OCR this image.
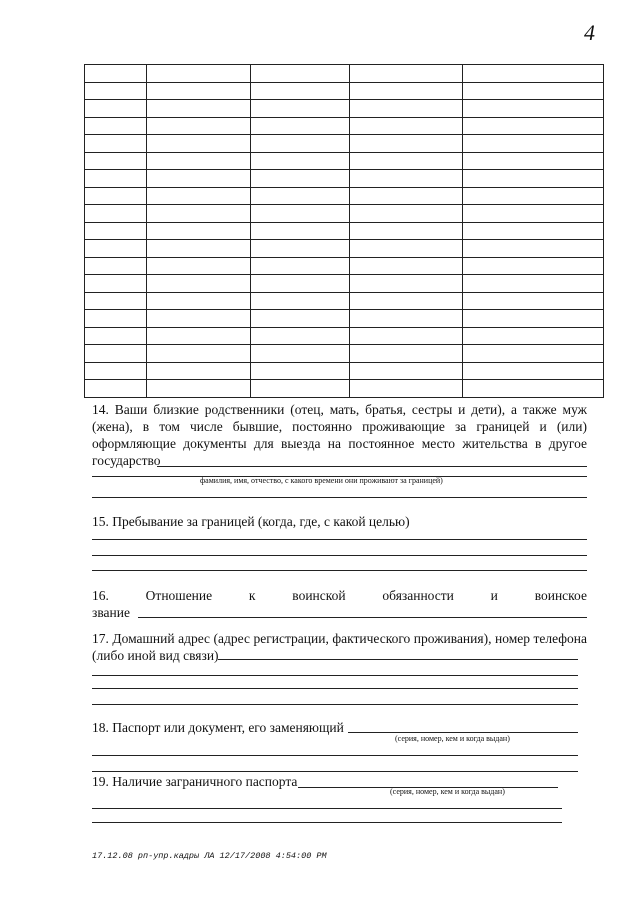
4

14. Ваши близкие родственники (отец, мать, братья, сестры и дети), а также муж
(жена), в том числе бывшие, постоянно проживающие за границей и (или)
оформляющие документы для выезда на постоянное место жительства в другое
государство
фамилия, имя, отчество, с какого времени они проживают за границей)
15. Пребывание за границей (когда, где, с какой целью)
16.	Отношение	к	воинской	обязанности	и	воинское
звание
17. Домашний адрес (адрес регистрации, фактического проживания), номер телефона
(либо иной вид связи)
18. Паспорт или документ, его заменяющий
(серия, номер, кем и когда выдан)
19. Наличие заграничного паспорта
(серия, номер, кем и когда выдан)
17.12.08 рп-упр.кадры ЛА 12/17/2008 4:54:00 PM
